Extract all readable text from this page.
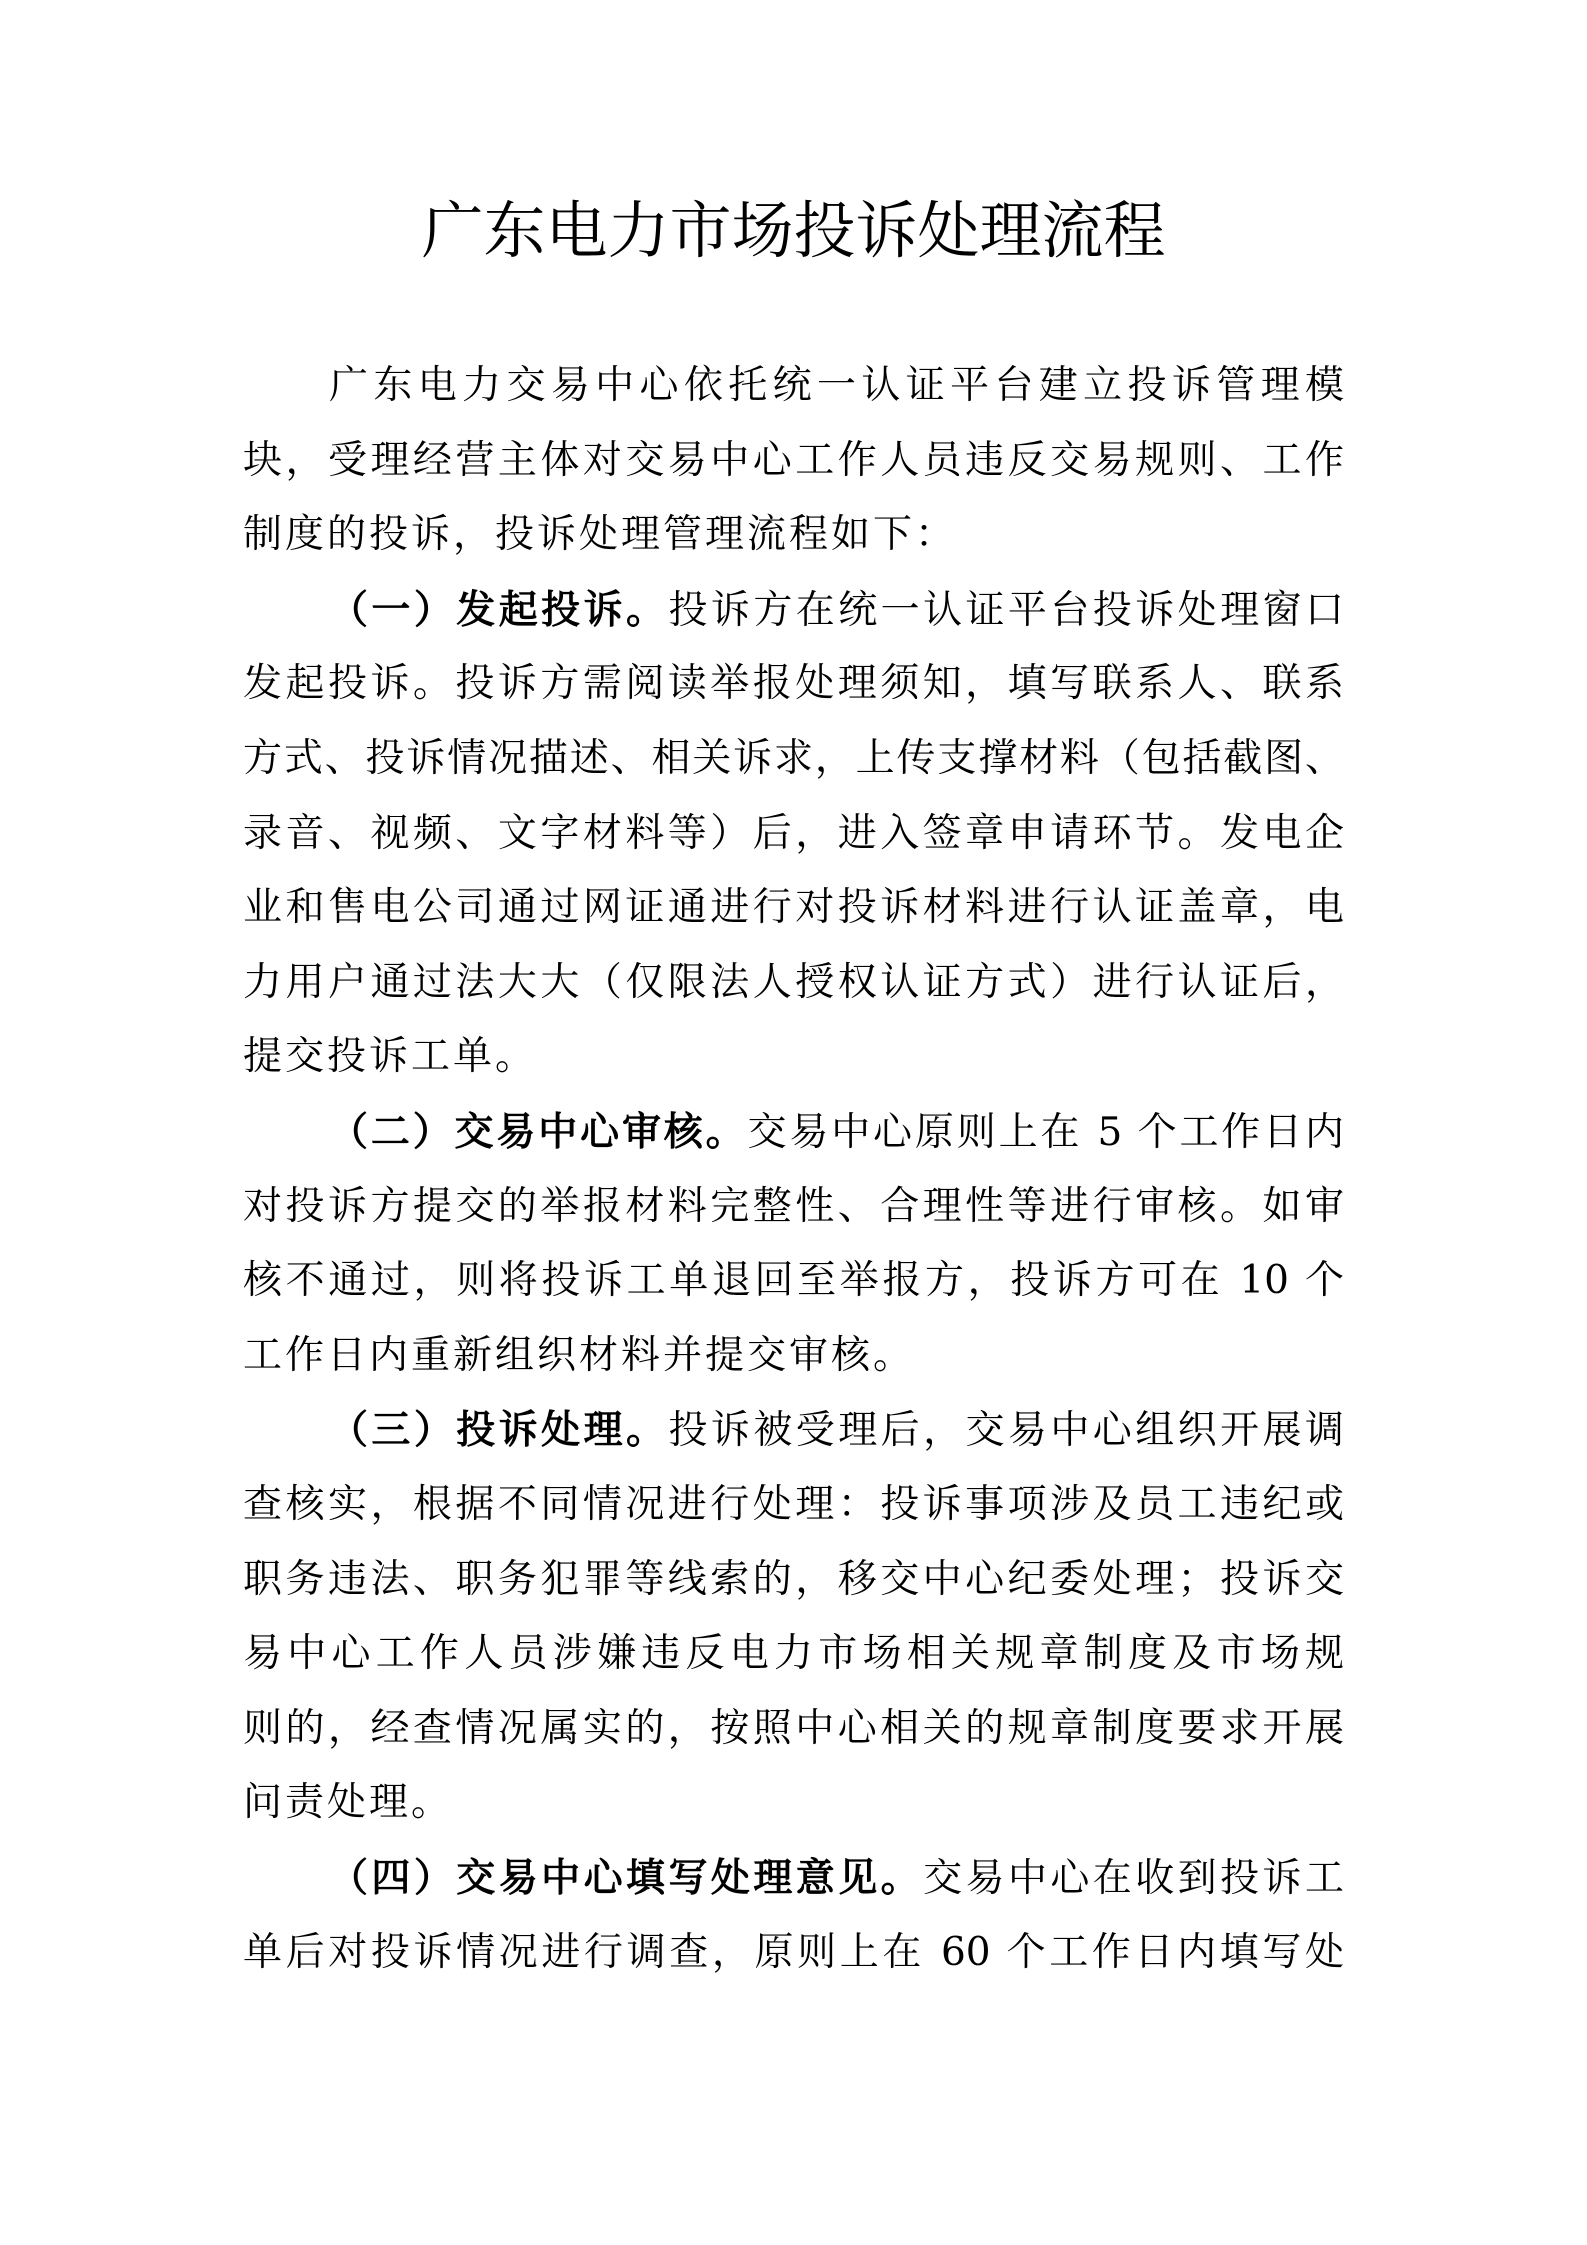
广东电力市场投诉处理流程
广东电力交易中心依托统一认证平台建立投诉管理模
块，受理经营主体对交易中心工作人员违反交易规则、工作
制度的投诉，投诉处理管理流程如下：
（一）发起投诉。投诉方在统一认证平台投诉处理窗口
发起投诉。投诉方需阅读举报处理须知，填写联系人、联系
方式、投诉情况描述、相关诉求，上传支撑材料（包括截图、
录音、视频、文字材料等）后，进入签章申请环节。发电企
业和售电公司通过网证通进行对投诉材料进行认证盖章，电
力用户通过法大大（仅限法人授权认证方式）进行认证后，
提交投诉工单。
（二）交易中心审核。交易中心原则上在 5 个工作日内
对投诉方提交的举报材料完整性、合理性等进行审核。如审
核不通过，则将投诉工单退回至举报方，投诉方可在 10 个
工作日内重新组织材料并提交审核。
（三）投诉处理。投诉被受理后，交易中心组织开展调
查核实，根据不同情况进行处理：投诉事项涉及员工违纪或
职务违法、职务犯罪等线索的，移交中心纪委处理；投诉交
易中心工作人员涉嫌违反电力市场相关规章制度及市场规
则的，经查情况属实的，按照中心相关的规章制度要求开展
问责处理。
（四）交易中心填写处理意见。交易中心在收到投诉工
单后对投诉情况进行调查，原则上在 60 个工作日内填写处
